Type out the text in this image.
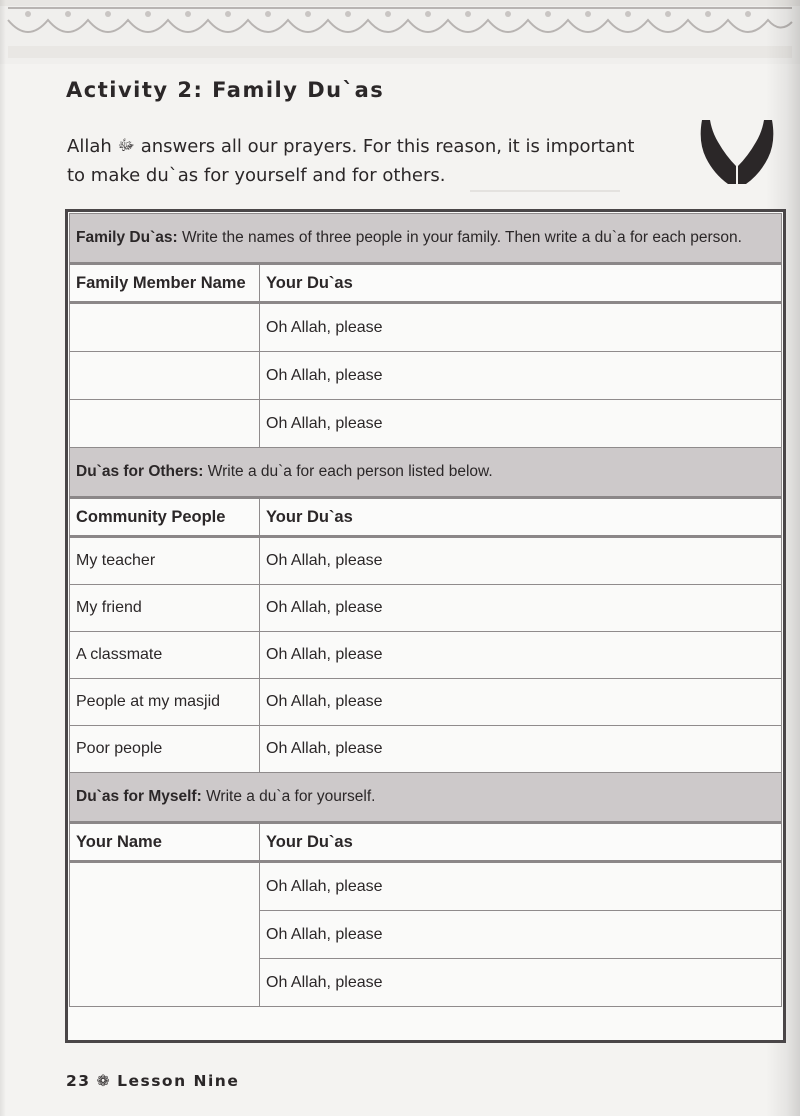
Activity 2: Family Du`as
Allah ﷻ answers all our prayers. For this reason, it is important
to make du`as for yourself and for others.
Family Du`as: Write the names of three people in your family. Then write a du`a for each person.	
Family Member Name	Your Du`as
	Oh Allah, please
	Oh Allah, please
	Oh Allah, please
Du`as for Others: Write a du`a for each person listed below.	
Community People	Your Du`as
My teacher	Oh Allah, please
My friend	Oh Allah, please
A classmate	Oh Allah, please
People at my masjid	Oh Allah, please
Poor people	Oh Allah, please
Du`as for Myself: Write a du`a for yourself.	
Your Name	Your Du`as
	Oh Allah, please
	Oh Allah, please
	Oh Allah, please
23 ❁ Lesson Nine
